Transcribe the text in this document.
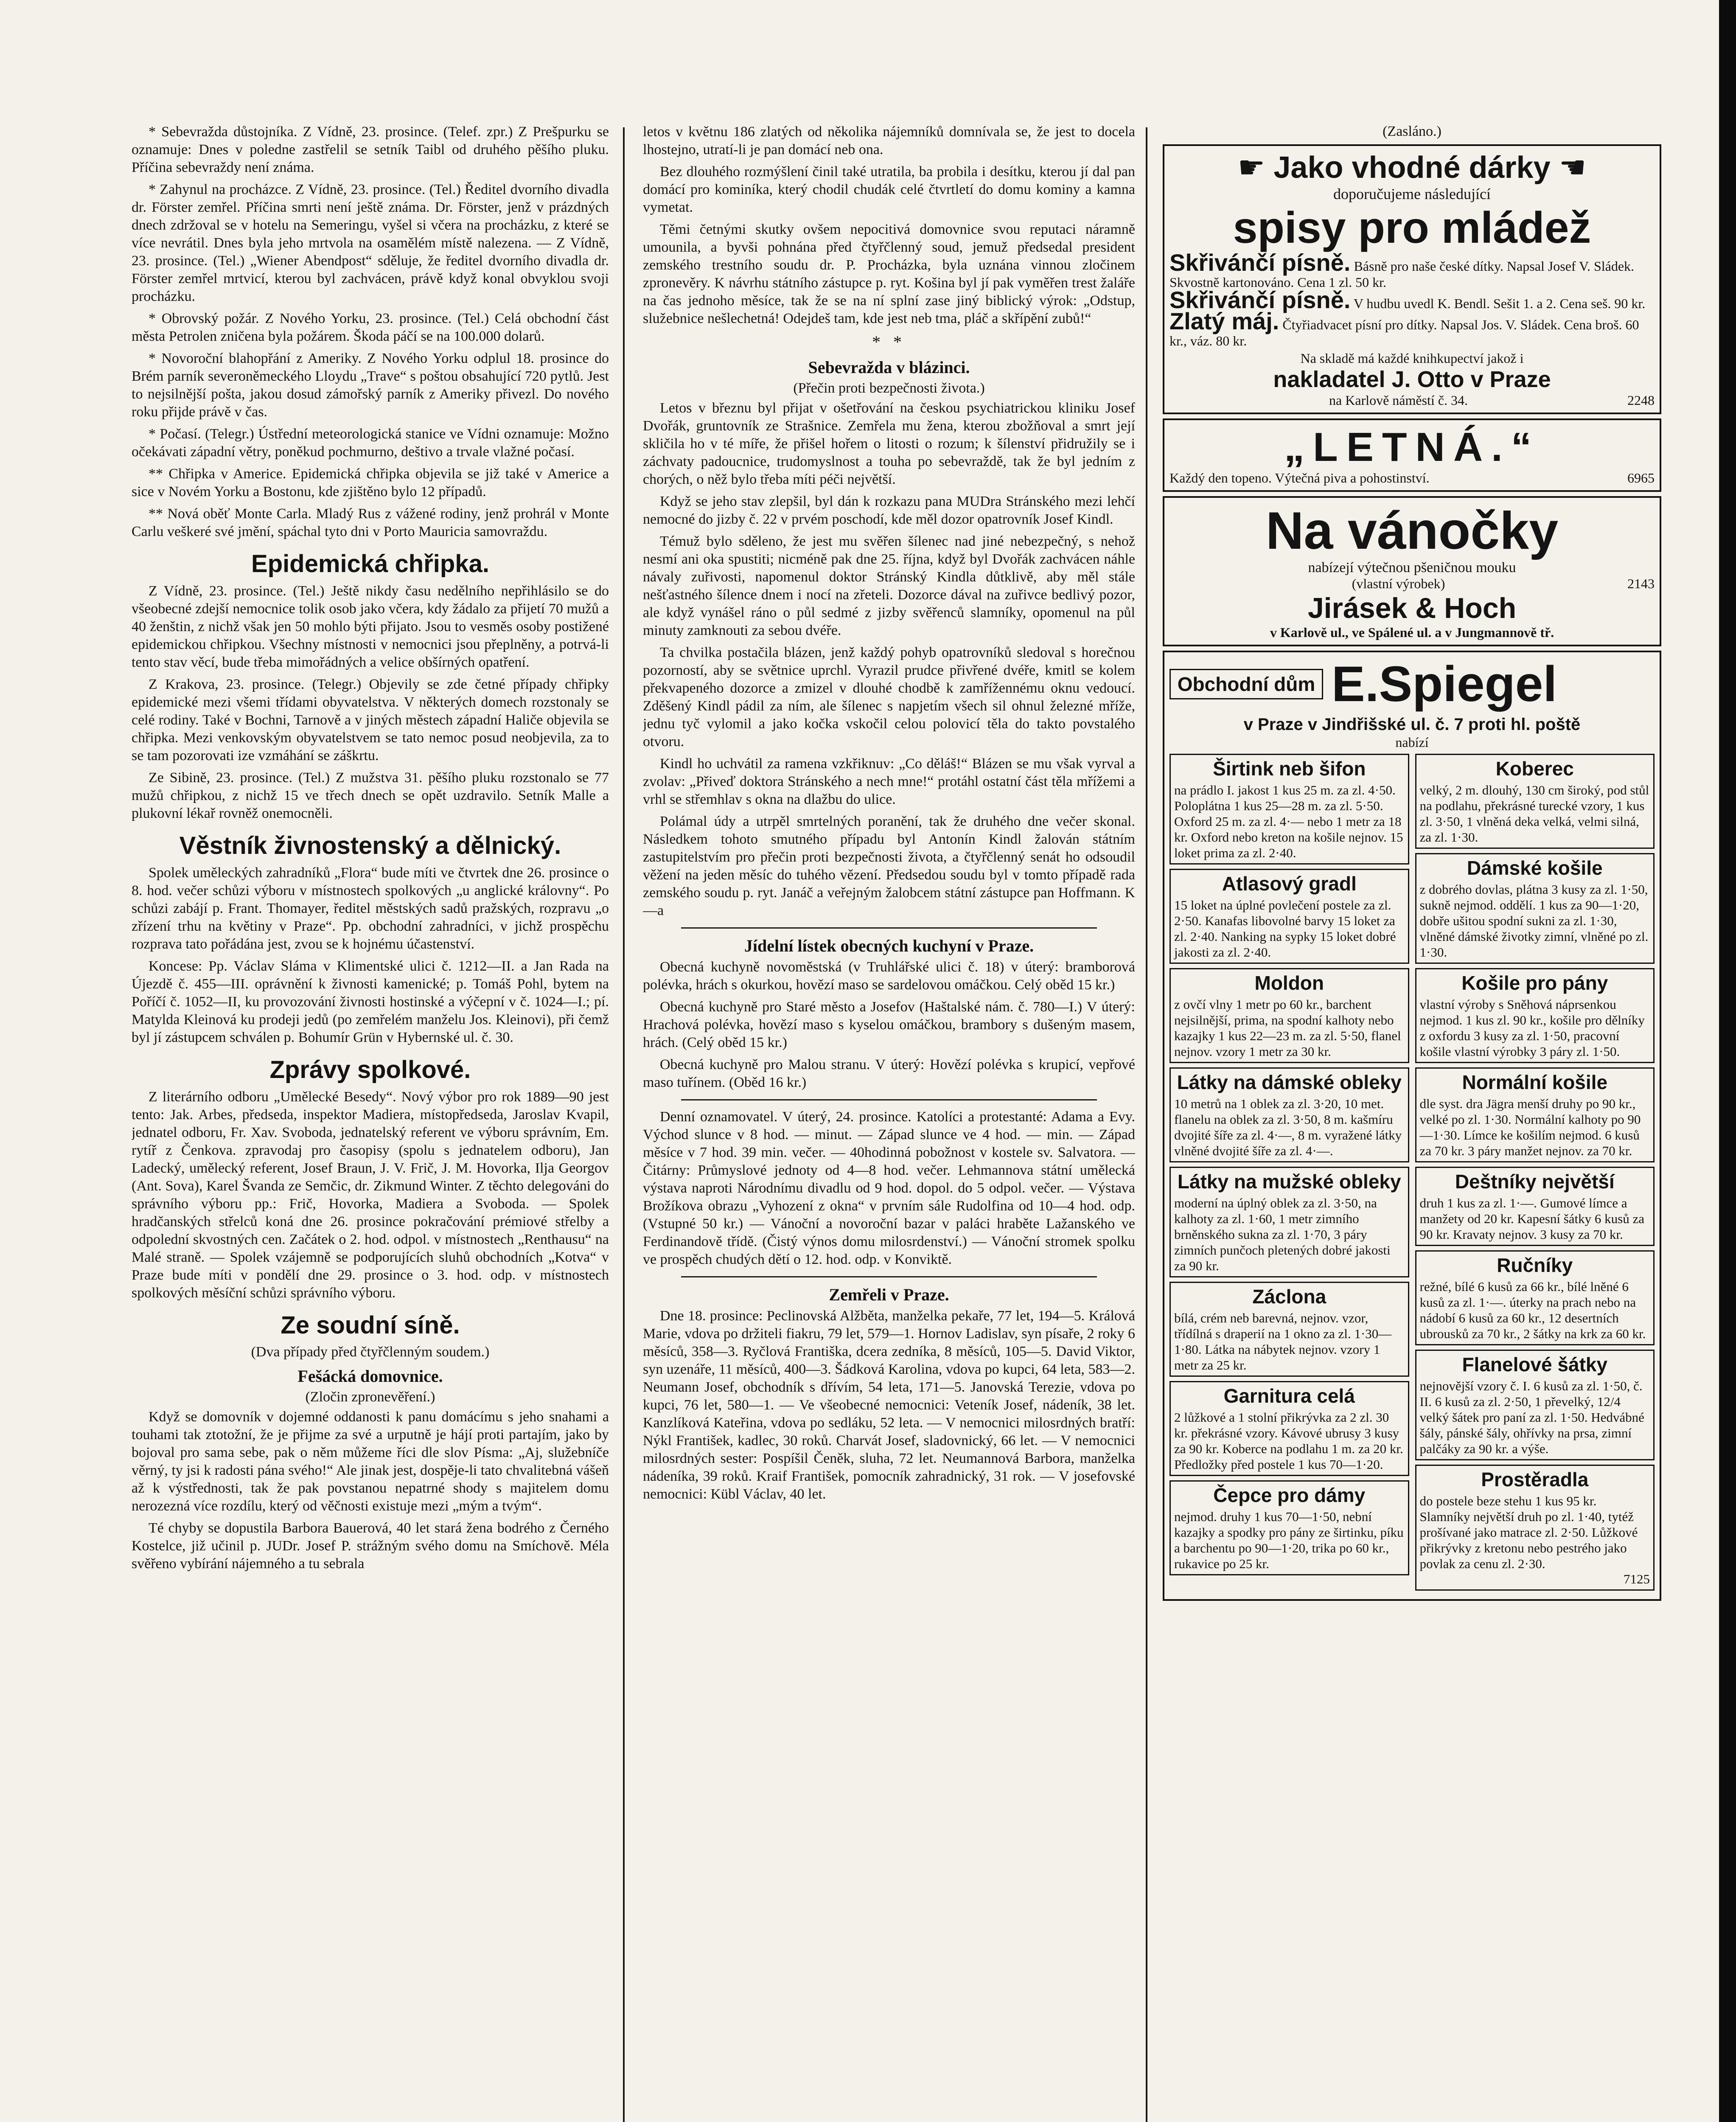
* Sebevražda důstojníka. Z Vídně, 23. prosince. (Telef. zpr.) Z Prešpurku se oznamuje: Dnes v poledne zastřelil se setník Taibl od druhého pěšího pluku. Příčina sebevraždy není známa.

* Zahynul na procházce. Z Vídně, 23. prosince. (Tel.) Ředitel dvorního divadla dr. Förster zemřel. Příčina smrti není ještě známa. Dr. Förster, jenž v prázdných dnech zdržoval se v hotelu na Semeringu, vyšel si včera na procházku, z které se více nevrátil. Dnes byla jeho mrtvola na osamělém místě nalezena. — Z Vídně, 23. prosince. (Tel.) „Wiener Abendpost“ sděluje, že ředitel dvorního divadla dr. Förster zemřel mrtvicí, kterou byl zachvácen, právě když konal obvyklou svoji procházku.

* Obrovský požár. Z Nového Yorku, 23. prosince. (Tel.) Celá obchodní část města Petrolen zničena byla požárem. Škoda páčí se na 100.000 dolarů.

* Novoroční blahopřání z Ameriky. Z Nového Yorku odplul 18. prosince do Brém parník severoněmeckého Lloydu „Trave“ s poštou obsahující 720 pytlů. Jest to nejsilnější pošta, jakou dosud zámořský parník z Ameriky přivezl. Do nového roku přijde právě v čas.

* Počasí. (Telegr.) Ústřední meteorologická stanice ve Vídni oznamuje: Možno očekávati západní větry, poněkud pochmurno, deštivo a trvale vlažné počasí.

** Chřipka v Americe. Epidemická chřipka objevila se již také v Americe a sice v Novém Yorku a Bostonu, kde zjištěno bylo 12 případů.

** Nová oběť Monte Carla. Mladý Rus z vážené rodiny, jenž prohrál v Monte Carlu veškeré své jmění, spáchal tyto dni v Porto Mauricia samovraždu.

Epidemická chřipka.

Z Vídně, 23. prosince. (Tel.) Ještě nikdy času nedělního nepřihlásilo se do všeobecné zdejší nemocnice tolik osob jako včera, kdy žádalo za přijetí 70 mužů a 40 ženštin, z nichž však jen 50 mohlo býti přijato. Jsou to vesměs osoby postižené epidemickou chřipkou. Všechny místnosti v nemocnici jsou přeplněny, a potrvá-li tento stav věcí, bude třeba mimořádných a velice obšírných opatření.

Z Krakova, 23. prosince. (Telegr.) Objevily se zde četné případy chřipky epidemické mezi všemi třídami obyvatelstva. V některých domech rozstonaly se celé rodiny. Také v Bochni, Tarnově a v jiných městech západní Haliče objevila se chřipka. Mezi venkovským obyvatelstvem se tato nemoc posud neobjevila, za to se tam pozorovati ize vzmáhání se záškrtu.

Ze Sibině, 23. prosince. (Tel.) Z mužstva 31. pěšího pluku rozstonalo se 77 mužů chřipkou, z nichž 15 ve třech dnech se opět uzdravilo. Setník Malle a plukovní lékař rovněž onemocněli.

Věstník živnostenský a dělnický.

Spolek uměleckých zahradníků „Flora“ bude míti ve čtvrtek dne 26. prosince o 8. hod. večer schůzi výboru v místnostech spolkových „u anglické královny“. Po schůzi zabájí p. Frant. Thomayer, ředitel městských sadů pražských, rozpravu „o zřízení trhu na květiny v Praze“. Pp. obchodní zahradníci, v jichž prospěchu rozprava tato pořádána jest, zvou se k hojnému účastenství.

Koncese: Pp. Václav Sláma v Klimentské ulici č. 1212—II. a Jan Rada na Újezdě č. 455—III. oprávnění k živnosti kamenické; p. Tomáš Pohl, bytem na Poříčí č. 1052—II, ku provozování živnosti hostinské a výčepní v č. 1024—I.; pí. Matylda Kleinová ku prodeji jedů (po zemřelém manželu Jos. Kleinovi), při čemž byl jí zástupcem schválen p. Bohumír Grün v Hybernské ul. č. 30.

Zprávy spolkové.

Z literárního odboru „Umělecké Besedy“. Nový výbor pro rok 1889—90 jest tento: Jak. Arbes, předseda, inspektor Madiera, místopředseda, Jaroslav Kvapil, jednatel odboru, Fr. Xav. Svoboda, jednatelský referent ve výboru správním, Em. rytíř z Čenkova. zpravodaj pro časopisy (spolu s jednatelem odboru), Jan Ladecký, umělecký referent, Josef Braun, J. V. Frič, J. M. Hovorka, Ilja Georgov (Ant. Sova), Karel Švanda ze Semčic, dr. Zikmund Winter. Z těchto delegováni do správního výboru pp.: Frič, Hovorka, Madiera a Svoboda. — Spolek hradčanských střelců koná dne 26. prosince pokračování prémiové střelby a odpolední skvostných cen. Začátek o 2. hod. odpol. v místnostech „Renthausu“ na Malé straně. — Spolek vzájemně se podporujících sluhů obchodních „Kotva“ v Praze bude míti v pondělí dne 29. prosince o 3. hod. odp. v místnostech spolkových měsíční schůzi správního výboru.

Ze soudní síně.
(Dva případy před čtyřčlenným soudem.)
Fešácká domovnice.
(Zločin zpronevěření.)

Když se domovník v dojemné oddanosti k panu domácímu s jeho snahami a touhami tak ztotožní, že je přijme za své a urputně je hájí proti partajím, jako by bojoval pro sama sebe, pak o něm můžeme říci dle slov Písma: „Aj, služebníče věrný, ty jsi k radosti pána svého!“ Ale jinak jest, dospěje-li tato chvalitebná vášeň až k výstřednosti, tak že pak povstanou nepatrné shody s majitelem domu nerozezná více rozdílu, který od věčnosti existuje mezi „mým a tvým“.

Té chyby se dopustila Barbora Bauerová, 40 let stará žena bodrého z Černého Kostelce, již učinil p. JUDr. Josef P. strážným svého domu na Smíchově. Méla svěřeno vybírání nájemného a tu sebrala

letos v květnu 186 zlatých od několika nájemníků domnívala se, že jest to docela lhostejno, utratí-li je pan domácí neb ona.

Bez dlouhého rozmýšlení činil také utratila, ba probila i desítku, kterou jí dal pan domácí pro kominíka, který chodil chudák celé čtvrtletí do domu kominy a kamna vymetat.

Těmi četnými skutky ovšem nepocitivá domovnice svou reputaci náramně umounila, a byvši pohnána před čtyřčlenný soud, jemuž předsedal president zemského trestního soudu dr. P. Procházka, byla uznána vinnou zločinem zpronevěry. K návrhu státního zástupce p. ryt. Košina byl jí pak vyměřen trest žaláře na čas jednoho měsíce, tak že se na ní splní zase jiný biblický výrok: „Odstup, služebnice nešlechetná! Odejdeš tam, kde jest neb tma, pláč a skřípění zubů!“

* *
Sebevražda v blázinci.
(Přečin proti bezpečnosti života.)

Letos v březnu byl přijat v ošetřování na českou psychiatrickou kliniku Josef Dvořák, gruntovník ze Strašnice. Zemřela mu žena, kterou zbožňoval a smrt její skličila ho v té míře, že přišel hořem o litosti o rozum; k šílenství přidružily se i záchvaty padoucnice, trudomyslnost a touha po sebevraždě, tak že byl jedním z chorých, o něž bylo třeba míti péči největší.

Když se jeho stav zlepšil, byl dán k rozkazu pana MUDra Stránského mezi lehčí nemocné do jizby č. 22 v prvém poschodí, kde měl dozor opatrovník Josef Kindl.

Témuž bylo sděleno, že jest mu svěřen šílenec nad jiné nebezpečný, s nehož nesmí ani oka spustiti; nicméně pak dne 25. října, když byl Dvořák zachvácen náhle návaly zuřivosti, napomenul doktor Stránský Kindla důtklivě, aby měl stále nešťastného šílence dnem i nocí na zřeteli. Dozorce dával na zuřivce bedlivý pozor, ale když vynášel ráno o půl sedmé z jizby svěřenců slamníky, opomenul na půl minuty zamknouti za sebou dvéře.

Ta chvilka postačila blázen, jenž každý pohyb opatrovníků sledoval s horečnou pozorností, aby se světnice uprchl. Vyrazil prudce přivřené dvéře, kmitl se kolem překvapeného dozorce a zmizel v dlouhé chodbě k zamřížennému oknu vedoucí. Zděšený Kindl pádil za ním, ale šílenec s napjetím všech sil ohnul železné mříže, jednu tyč vylomil a jako kočka vskočil celou polovicí těla do takto povstalého otvoru.

Kindl ho uchvátil za ramena vzkřiknuv: „Co děláš!“ Blázen se mu však vyrval a zvolav: „Přiveď doktora Stránského a nech mne!“ protáhl ostatní část těla mřížemi a vrhl se střemhlav s okna na dlažbu do ulice.

Polámal údy a utrpěl smrtelných poranění, tak že druhého dne večer skonal. Následkem tohoto smutného případu byl Antonín Kindl žalován státním zastupitelstvím pro přečin proti bezpečnosti života, a čtyřčlenný senát ho odsoudil věžení na jeden měsíc do tuhého vězení. Předsedou soudu byl v tomto případě rada zemského soudu p. ryt. Janáč a veřejným žalobcem státní zástupce pan Hoffmann. K—a

Jídelní lístek obecných kuchyní v Praze.

Obecná kuchyně novoměstská (v Truhlářské ulici č. 18) v úterý: bramborová polévka, hrách s okurkou, hovězí maso se sardelovou omáčkou. Celý oběd 15 kr.)

Obecná kuchyně pro Staré město a Josefov (Haštalské nám. č. 780—I.) V úterý: Hrachová polévka, hovězí maso s kyselou omáčkou, brambory s dušeným masem, hrách. (Celý oběd 15 kr.)

Obecná kuchyně pro Malou stranu. V úterý: Hovězí polévka s krupicí, vepřové maso tuřínem. (Oběd 16 kr.)

Denní oznamovatel. V úterý, 24. prosince. Katolíci a protestanté: Adama a Evy. Východ slunce v 8 hod. — minut. — Západ slunce ve 4 hod. — min. — Západ měsíce v 7 hod. 39 min. večer. — 40hodinná pobožnost v kostele sv. Salvatora. — Čitárny: Průmyslové jednoty od 4—8 hod. večer. Lehmannova státní umělecká výstava naproti Národnímu divadlu od 9 hod. dopol. do 5 odpol. večer. — Výstava Brožíkova obrazu „Vyhození z okna“ v prvním sále Rudolfina od 10—4 hod. odp. (Vstupné 50 kr.) — Vánoční a novoroční bazar v paláci hraběte Lažanského ve Ferdinandově třídě. (Čistý výnos domu milosrdenství.) — Vánoční stromek spolku ve prospěch chudých dětí o 12. hod. odp. v Konviktě.

Zemřeli v Praze.

Dne 18. prosince: Peclinovská Alžběta, manželka pekaře, 77 let, 194—5. Králová Marie, vdova po držiteli fiakru, 79 let, 579—1. Hornov Ladislav, syn písaře, 2 roky 6 měsíců, 358—3. Ryčlová Františka, dcera zedníka, 8 měsíců, 105—5. David Viktor, syn uzenáře, 11 měsíců, 400—3. Šádková Karolina, vdova po kupci, 64 leta, 583—2. Neumann Josef, obchodník s dřívím, 54 leta, 171—5. Janovská Terezie, vdova po kupci, 76 let, 580—1. — Ve všeobecné nemocnici: Veteník Josef, nádeník, 38 let. Kanzlíková Kateřina, vdova po sedláku, 52 leta. — V nemocnici milosrdných bratří: Nýkl František, kadlec, 30 roků. Charvát Josef, sladovnický, 66 let. — V nemocnici milosrdných sester: Pospíšil Čeněk, sluha, 72 let. Neumannová Barbora, manželka nádeníka, 39 roků. Kraif František, pomocník zahradnický, 31 rok. — V josefovské nemocnici: Kübl Václav, 40 let.

(Zasláno.)
☛ Jako vhodné dárky ☚
doporučujeme následující
spisy pro mládež

Skřivánčí písně. Básně pro naše české dítky. Napsal Josef V. Sládek. Skvostně kartonováno. Cena 1 zl. 50 kr.

Skřivánčí písně. V hudbu uvedl K. Bendl. Sešit 1. a 2. Cena seš. 90 kr.

Zlatý máj. Čtyřiadvacet písní pro dítky. Napsal Jos. V. Sládek. Cena broš. 60 kr., váz. 80 kr.

Na skladě má každé knihkupectví jakož i
nakladatel J. Otto v Praze
na Karlově náměstí č. 34.	2248
„LETNÁ.“
Každý den topeno. Výtečná piva a pohostinství.	6965
Na vánočky
nabízejí výtečnou pšeničnou mouku
(vlastní výrobek)	2143
Jirásek & Hoch
v Karlově ul., ve Spálené ul. a v Jungmannově tř.
Obchodní dům E.Spiegel
v Praze v Jindřišské ul. č. 7 proti hl. poště
nabízí
Širtink neb šifon

na prádlo I. jakost 1 kus 25 m. za zl. 4·50. Poloplátna 1 kus 25—28 m. za zl. 5·50. Oxford 25 m. za zl. 4·— nebo 1 metr za 18 kr. Oxford nebo kreton na košile nejnov. 15 loket prima za zl. 2·40.

Atlasový gradl

15 loket na úplné povlečení postele za zl. 2·50. Kanafas libovolné barvy 15 loket za zl. 2·40. Nanking na sypky 15 loket dobré jakosti za zl. 2·40.

Moldon

z ovčí vlny 1 metr po 60 kr., barchent nejsilnější, prima, na spodní kalhoty nebo kazajky 1 kus 22—23 m. za zl. 5·50, flanel nejnov. vzory 1 metr za 30 kr.

Látky na dámské obleky

10 metrů na 1 oblek za zl. 3·20, 10 met. flanelu na oblek za zl. 3·50, 8 m. kašmíru dvojité šíře za zl. 4·—, 8 m. vyražené látky vlněné dvojité šíře za zl. 4·—.

Látky na mužské obleky

moderní na úplný oblek za zl. 3·50, na kalhoty za zl. 1·60, 1 metr zimního brněnského sukna za zl. 1·70, 3 páry zimních punčoch pletených dobré jakosti za 90 kr.

Záclona

bílá, crém neb barevná, nejnov. vzor, třídílná s draperií na 1 okno za zl. 1·30—1·80. Látka na nábytek nejnov. vzory 1 metr za 25 kr.

Garnitura celá

2 lůžkové a 1 stolní přikrývka za 2 zl. 30 kr. překrásné vzory. Kávové ubrusy 3 kusy za 90 kr. Koberce na podlahu 1 m. za 20 kr. Předložky před postele 1 kus 70—1·20.

Čepce pro dámy

nejmod. druhy 1 kus 70—1·50, nební kazajky a spodky pro pány ze širtinku, píku a barchentu po 90—1·20, trika po 60 kr., rukavice po 25 kr.

Koberec

velký, 2 m. dlouhý, 130 cm široký, pod stůl na podlahu, překrásné turecké vzory, 1 kus zl. 3·50, 1 vlněná deka velká, velmi silná, za zl. 1·30.

Dámské košile

z dobrého dovlas, plátna 3 kusy za zl. 1·50, sukně nejmod. oddělí. 1 kus za 90—1·20, dobře ušitou spodní sukni za zl. 1·30, vlněné dámské životky zimní, vlněné po zl. 1·30.

Košile pro pány

vlastní výroby s Sněhová náprsenkou nejmod. 1 kus zl. 90 kr., košile pro dělníky z oxfordu 3 kusy za zl. 1·50, pracovní košile vlastní výrobky 3 páry zl. 1·50.

Normální košile

dle syst. dra Jägra menší druhy po 90 kr., velké po zl. 1·30. Normální kalhoty po 90—1·30. Límce ke košilím nejmod. 6 kusů za 70 kr. 3 páry manžet nejnov. za 70 kr.

Deštníky největší

druh 1 kus za zl. 1·—. Gumové límce a manžety od 20 kr. Kapesní šátky 6 kusů za 90 kr. Kravaty nejnov. 3 kusy za 70 kr.

Ručníky

režné, bílé 6 kusů za 66 kr., bílé lněné 6 kusů za zl. 1·—. úterky na prach nebo na nádobí 6 kusů za 60 kr., 12 desertních ubrousků za 70 kr., 2 šátky na krk za 60 kr.

Flanelové šátky

nejnovější vzory č. I. 6 kusů za zl. 1·50, č. II. 6 kusů za zl. 2·50, 1 převelký, 12/4 velký šátek pro paní za zl. 1·50. Hedvábné šály, pánské šály, ohřívky na prsa, zimní palčáky za 90 kr. a výše.

Prostěradla

do postele beze stehu 1 kus 95 kr. Slamníky největší druh po zl. 1·40, tytéž prošívané jako matrace zl. 2·50. Lůžkové přikrývky z kretonu nebo pestrého jako povlak za cenu zl. 2·30.

7125
